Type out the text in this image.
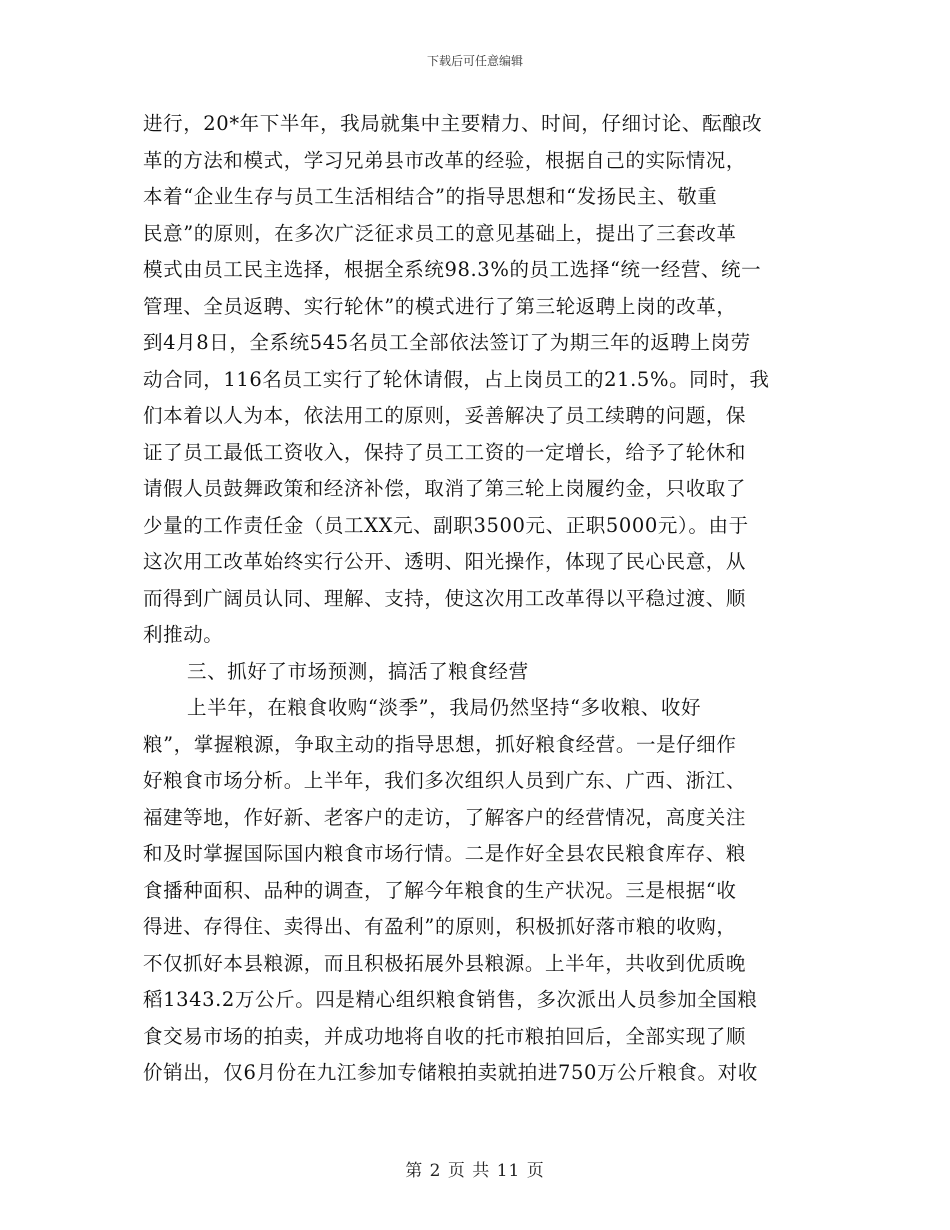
下载后可任意编辑
进行，20*年下半年，我局就集中主要精力、时间，仔细讨论、酝酿改
革的方法和模式，学习兄弟县市改革的经验，根据自己的实际情况，
本着“企业生存与员工生活相结合”的指导思想和“发扬民主、敬重
民意”的原则，在多次广泛征求员工的意见基础上，提出了三套改革
模式由员工民主选择，根据全系统98.3%的员工选择“统一经营、统一
管理、全员返聘、实行轮休”的模式进行了第三轮返聘上岗的改革，
到4月8日，全系统545名员工全部依法签订了为期三年的返聘上岗劳
动合同，116名员工实行了轮休请假，占上岗员工的21.5%。同时，我
们本着以人为本，依法用工的原则，妥善解决了员工续聘的问题，保
证了员工最低工资收入，保持了员工工资的一定增长，给予了轮休和
请假人员鼓舞政策和经济补偿，取消了第三轮上岗履约金，只收取了
少量的工作责任金（员工XX元、副职3500元、正职5000元）。由于
这次用工改革始终实行公开、透明、阳光操作，体现了民心民意，从
而得到广阔员认同、理解、支持，使这次用工改革得以平稳过渡、顺
利推动。
三、抓好了市场预测，搞活了粮食经营
上半年，在粮食收购“淡季”，我局仍然坚持“多收粮、收好
粮”，掌握粮源，争取主动的指导思想，抓好粮食经营。一是仔细作
好粮食市场分析。上半年，我们多次组织人员到广东、广西、浙江、
福建等地，作好新、老客户的走访，了解客户的经营情况，高度关注
和及时掌握国际国内粮食市场行情。二是作好全县农民粮食库存、粮
食播种面积、品种的调查，了解今年粮食的生产状况。三是根据“收
得进、存得住、卖得出、有盈利”的原则，积极抓好落市粮的收购，
不仅抓好本县粮源，而且积极拓展外县粮源。上半年，共收到优质晚
稻1343.2万公斤。四是精心组织粮食销售，多次派出人员参加全国粮
食交易市场的拍卖，并成功地将自收的托市粮拍回后，全部实现了顺
价销出，仅6月份在九江参加专储粮拍卖就拍进750万公斤粮食。对收
第 2 页 共 11 页
